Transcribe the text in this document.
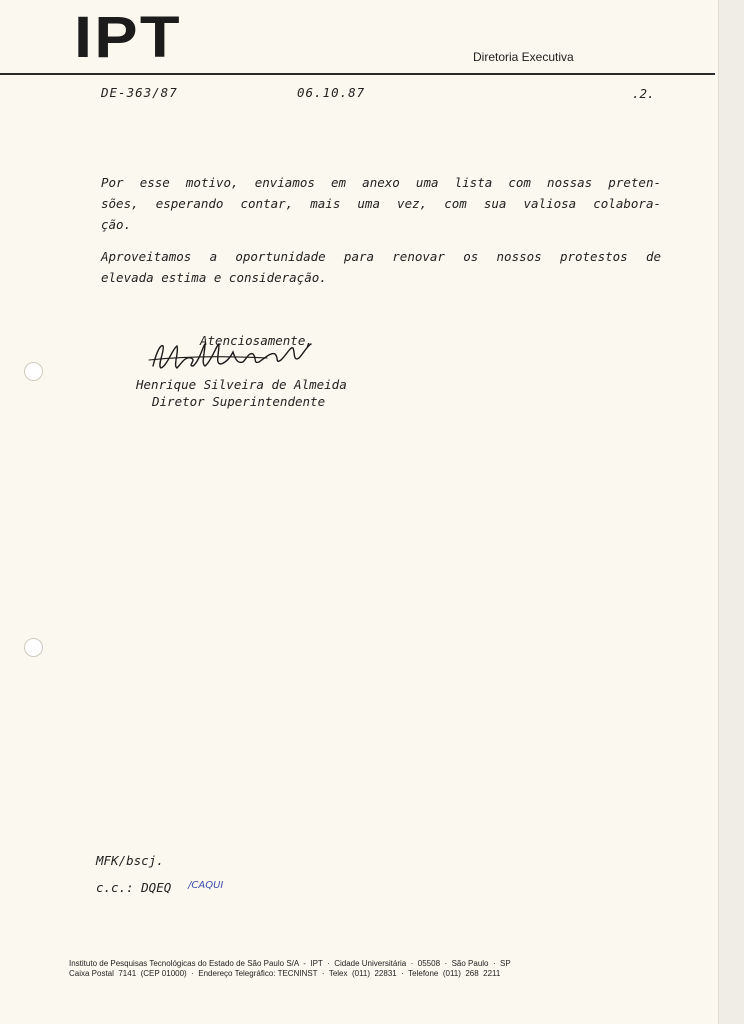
IPT	Diretoria Executiva
DE-363/87	06.10.87	.2.
Por esse motivo, enviamos em anexo uma lista com nossas preten-
sões, esperando contar, mais uma vez, com sua valiosa colabora-
ção.
Aproveitamos a oportunidade para renovar os nossos protestos de
elevada estima e consideração.
Atenciosamente,
Henrique Silveira de Almeida
Diretor Superintendente
MFK/bscj.
c.c.: DQEQ /CAQUI
Instituto de Pesquisas Tecnológicas do Estado de São Paulo S/A  -  IPT  ·  Cidade Universitária  ·  05508  ·  São Paulo  ·  SP
Caixa Postal  7141  (CEP 01000)  ·  Endereço Telegráfico: TECNINST  ·  Telex  (011)  22831  ·  Telefone  (011)  268  2211
